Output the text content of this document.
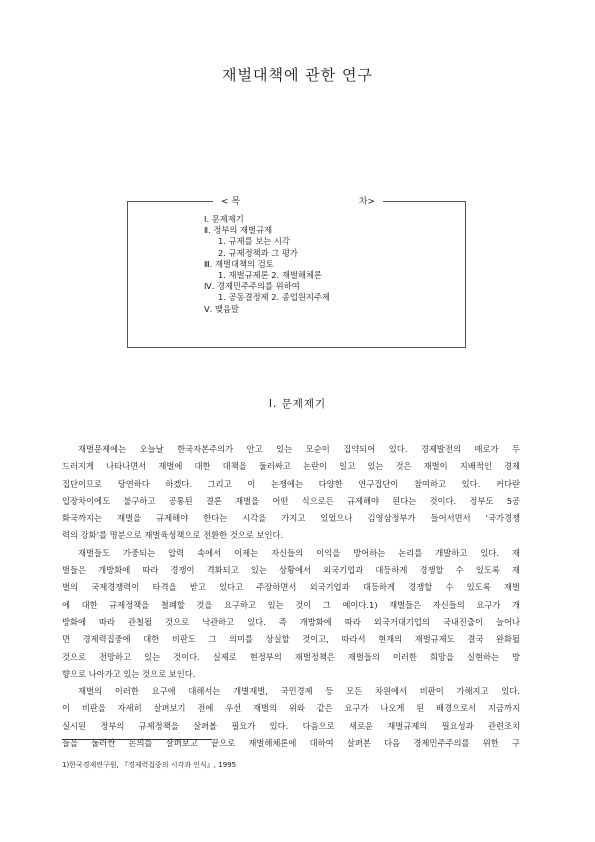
재벌대책에 관한 연구
< 목	차>
Ⅰ. 문제제기
Ⅱ. 정부의 재벌규제
1. 규제를 보는 시각
2. 규제정책과 그 평가
Ⅲ. 재벌대책의 검토
1. 재벌규제론 2. 재벌해체론
Ⅳ. 경제민주주의를 위하여
1. 공동결정제 2. 종업원지주제
Ⅴ. 맺음말
Ⅰ. 문제제기
재벌문제에는 오늘날 한국자본주의가 안고 있는 모순이 집약되어 있다. 경제발전의 매로가 두
드러지게 나타나면서 재벌에 대한 대책을 둘러싸고 논란이 일고 있는 것은 재벌이 지배적인 경제
집단이므로 당연하다 하겠다. 그리고 이 논쟁에는 다양한 연구집단이 참여하고 있다. 커다란
입장차이에도 불구하고 공통된 결론 재벌을 어떤 식으로든 규제해야 된다는 것이다. 정부도 5공
화국까지는 재벌을 규제해야 한다는 시각을 가지고 있었으나 김영삼정부가 들어서면서 '국가경쟁
력의 강화'를 명분으로 재벌육성책으로 전환한 것으로 보인다.
재벌들도 가중되는 압력 속에서 이제는 자신들의 이익을 방어하는 논리를 개발하고 있다. 재
벌들은 개방화에 따라 경쟁이 격화되고 있는 상황에서 외국기업과 대등하게 경쟁할 수 있도록 재
벌의 국제경쟁력이 타격을 받고 있다고 주장하면서 외국기업과 대등하게 경쟁할 수 있도록 재벌
에 대한 규제정책을 철폐할 것을 요구하고 있는 것이 그 예이다.1) 재벌들은 자신들의 요구가 개
방화에 따라 관철될 것으로 낙관하고 있다. 즉 개방화에 따라 외국거대기업의 국내진출이 늘어나
면 경제력집중에 대한 비판도 그 의미를 상실할 것이고, 따라서 현재의 재벌규제도 결국 완화될
것으로 전망하고 있는 것이다. 실제로 현정부의 재벌정책은 재벌들의 이러한 희망을 실현하는 방
향으로 나아가고 있는 것으로 보인다.
재벌의 이러한 요구에 대해서는 개별재벌, 국민경제 등 모든 차원에서 비판이 가해지고 있다.
이 비판을 자세히 살펴보기 전에 우선 재벌의 위와 같은 요구가 나오게 된 배경으로서 지금까지
실시된 정부의 규제정책을 살펴볼 필요가 있다. 다음으로 새로운 재벌규제의 필요성과 관련조치
들을 둘러싼 논의를 살펴보고 끝으로 재벌해체론에 대하여 살펴본 다음 경제민주주의를 위한 구
1)한국경제연구원, 『경제력집중의 시각과 인식』, 1995
